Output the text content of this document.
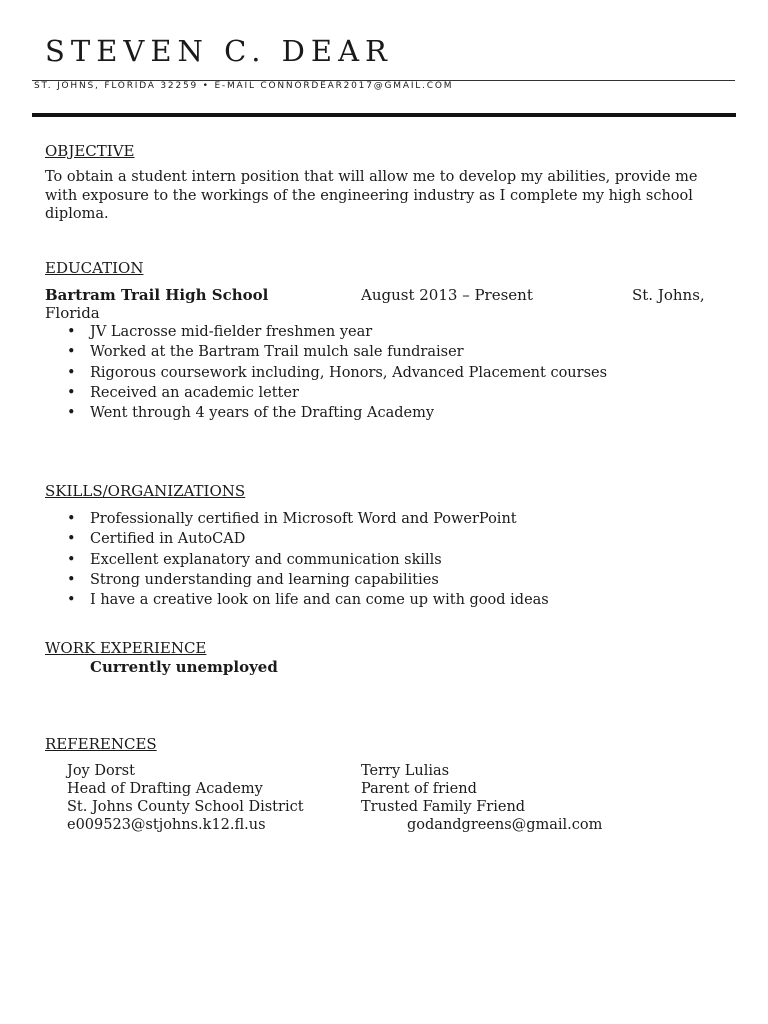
STEVEN C. DEAR
ST. JOHNS, FLORIDA 32259 • E-MAIL CONNORDEAR2017@GMAIL.COM
OBJECTIVE

To obtain a student intern position that will allow me to develop my abilities, provide me with exposure to the workings of the engineering industry as I complete my high school diploma.

EDUCATION
Bartram Trail High School	August 2013 – Present	St. Johns,
Florida
• JV Lacrosse mid-fielder freshmen year
• Worked at the Bartram Trail mulch sale fundraiser
• Rigorous coursework including, Honors, Advanced Placement courses
• Received an academic letter
• Went through 4 years of the Drafting Academy
SKILLS/ORGANIZATIONS
• Professionally certified in Microsoft Word and PowerPoint
• Certified in AutoCAD
• Excellent explanatory and communication skills
• Strong understanding and learning capabilities
• I have a creative look on life and can come up with good ideas
WORK EXPERIENCE
Currently unemployed
REFERENCES
Joy Dorst
Head of Drafting Academy
St. Johns County School District
e009523@stjohns.k12.fl.us
Terry Lulias
Parent of friend
Trusted Family Friend
godandgreens@gmail.com
